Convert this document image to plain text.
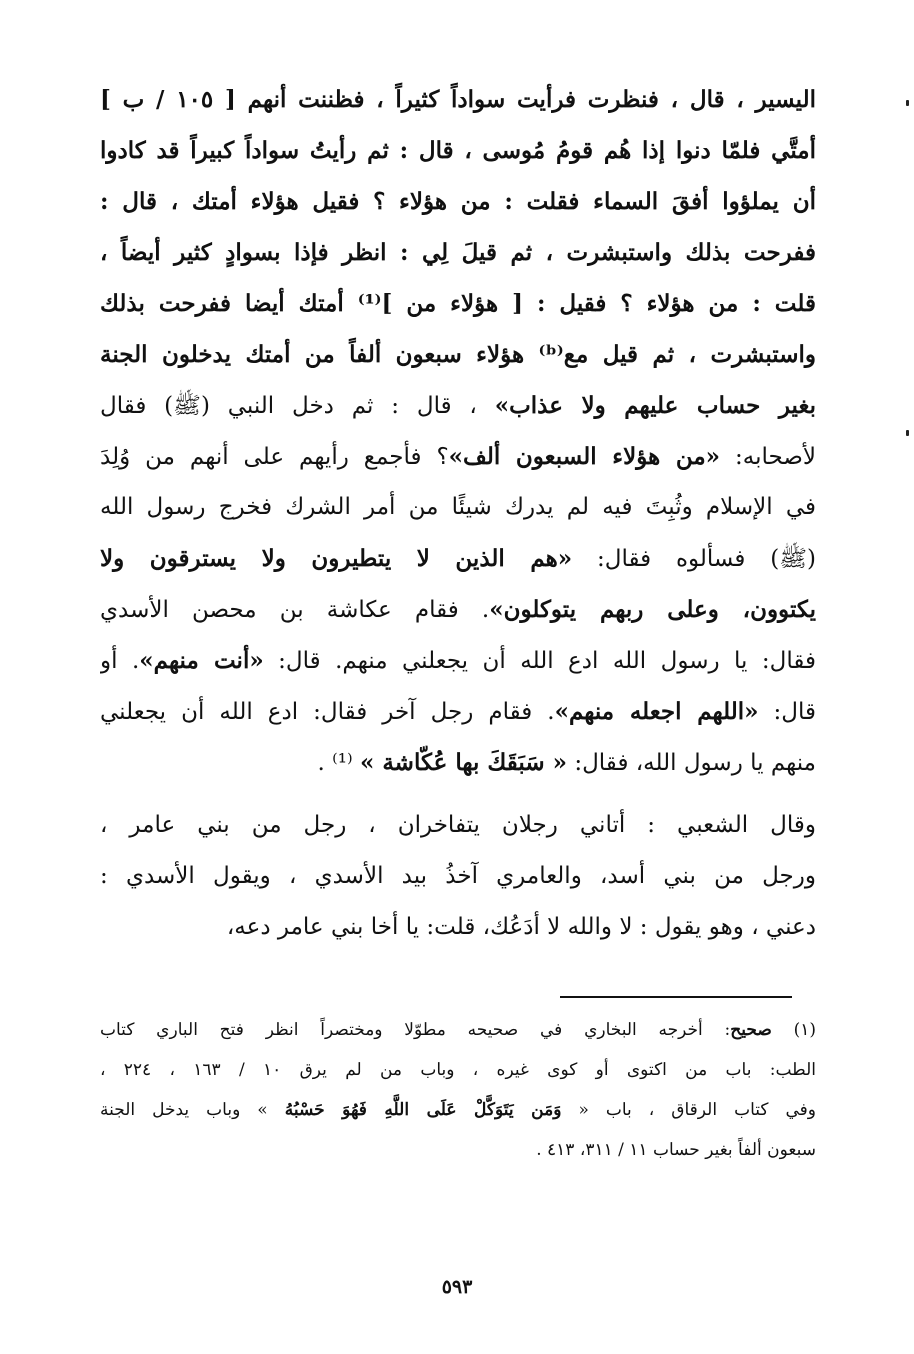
اليسير ، قال ، فنظرت فرأيت سواداً كثيراً ، فظننت أنهم [ ١٠٥ / ب ]
أمتَّي فلمّا دنوا إذا هُم قومُ مُوسى ، قال : ثم رأيتُ سواداً كبيراً قد كادوا
أن يملؤوا أفقَ السماء فقلت : من هؤلاء ؟ فقيل هؤلاء أمتك ، قال :
ففرحت بذلك واستبشرت ، ثم قيلَ لِي : انظر فإذا بسوادٍ كثير أيضاً ،
قلت : من هؤلاء ؟ فقيل : [ هؤلاء من ]⁽¹⁾ أمتك أيضا ففرحت بذلك
واستبشرت ، ثم قيل مع⁽ᵇ⁾ هؤلاء سبعون ألفاً من أمتك يدخلون الجنة
بغير حساب عليهم ولا عذاب» ، قال : ثم دخل النبي (ﷺ) فقال
لأصحابه: «من هؤلاء السبعون ألف»؟ فأجمع رأيهم على أنهم من وُلِدَ
في الإسلام وثُبِتَ فيه لم يدرك شيئًا من أمر الشرك فخرج رسول الله
(ﷺ) فسألوه فقال: «هم الذين لا يتطيرون ولا يسترقون ولا
يكتوون، وعلى ربهم يتوكلون». فقام عكاشة بن محصن الأسدي
فقال: يا رسول الله ادع الله أن يجعلني منهم. قال: «أنت منهم». أو
قال: «اللهم اجعله منهم». فقام رجل آخر فقال: ادع الله أن يجعلني
منهم يا رسول الله، فقال: « سَبَقَكَ بها عُكّاشة » ⁽¹⁾ .
وقال الشعبي : أتاني رجلان يتفاخران ، رجل من بني عامر ،
ورجل من بني أسد، والعامري آخذُ بيد الأسدي ، ويقول الأسدي :
دعني ، وهو يقول : لا والله لا أدَعُك، قلت: يا أخا بني عامر دعه،
(١) صحيح: أخرجه البخاري في صحيحه مطوّلا ومختصراً انظر فتح الباري كتاب
الطب: باب من اكتوى أو كوى غيره ، وباب من لم يرق ١٠ / ١٦٣ ، ٢٢٤ ،
وفي كتاب الرقاق ، باب « وَمَن يَتَوَكَّلْ عَلَى اللَّهِ فَهُوَ حَسْبُهُ » وباب يدخل الجنة
سبعون ألفاً بغير حساب ١١ / ٣١١، ٤١٣ .
٥٩٣
